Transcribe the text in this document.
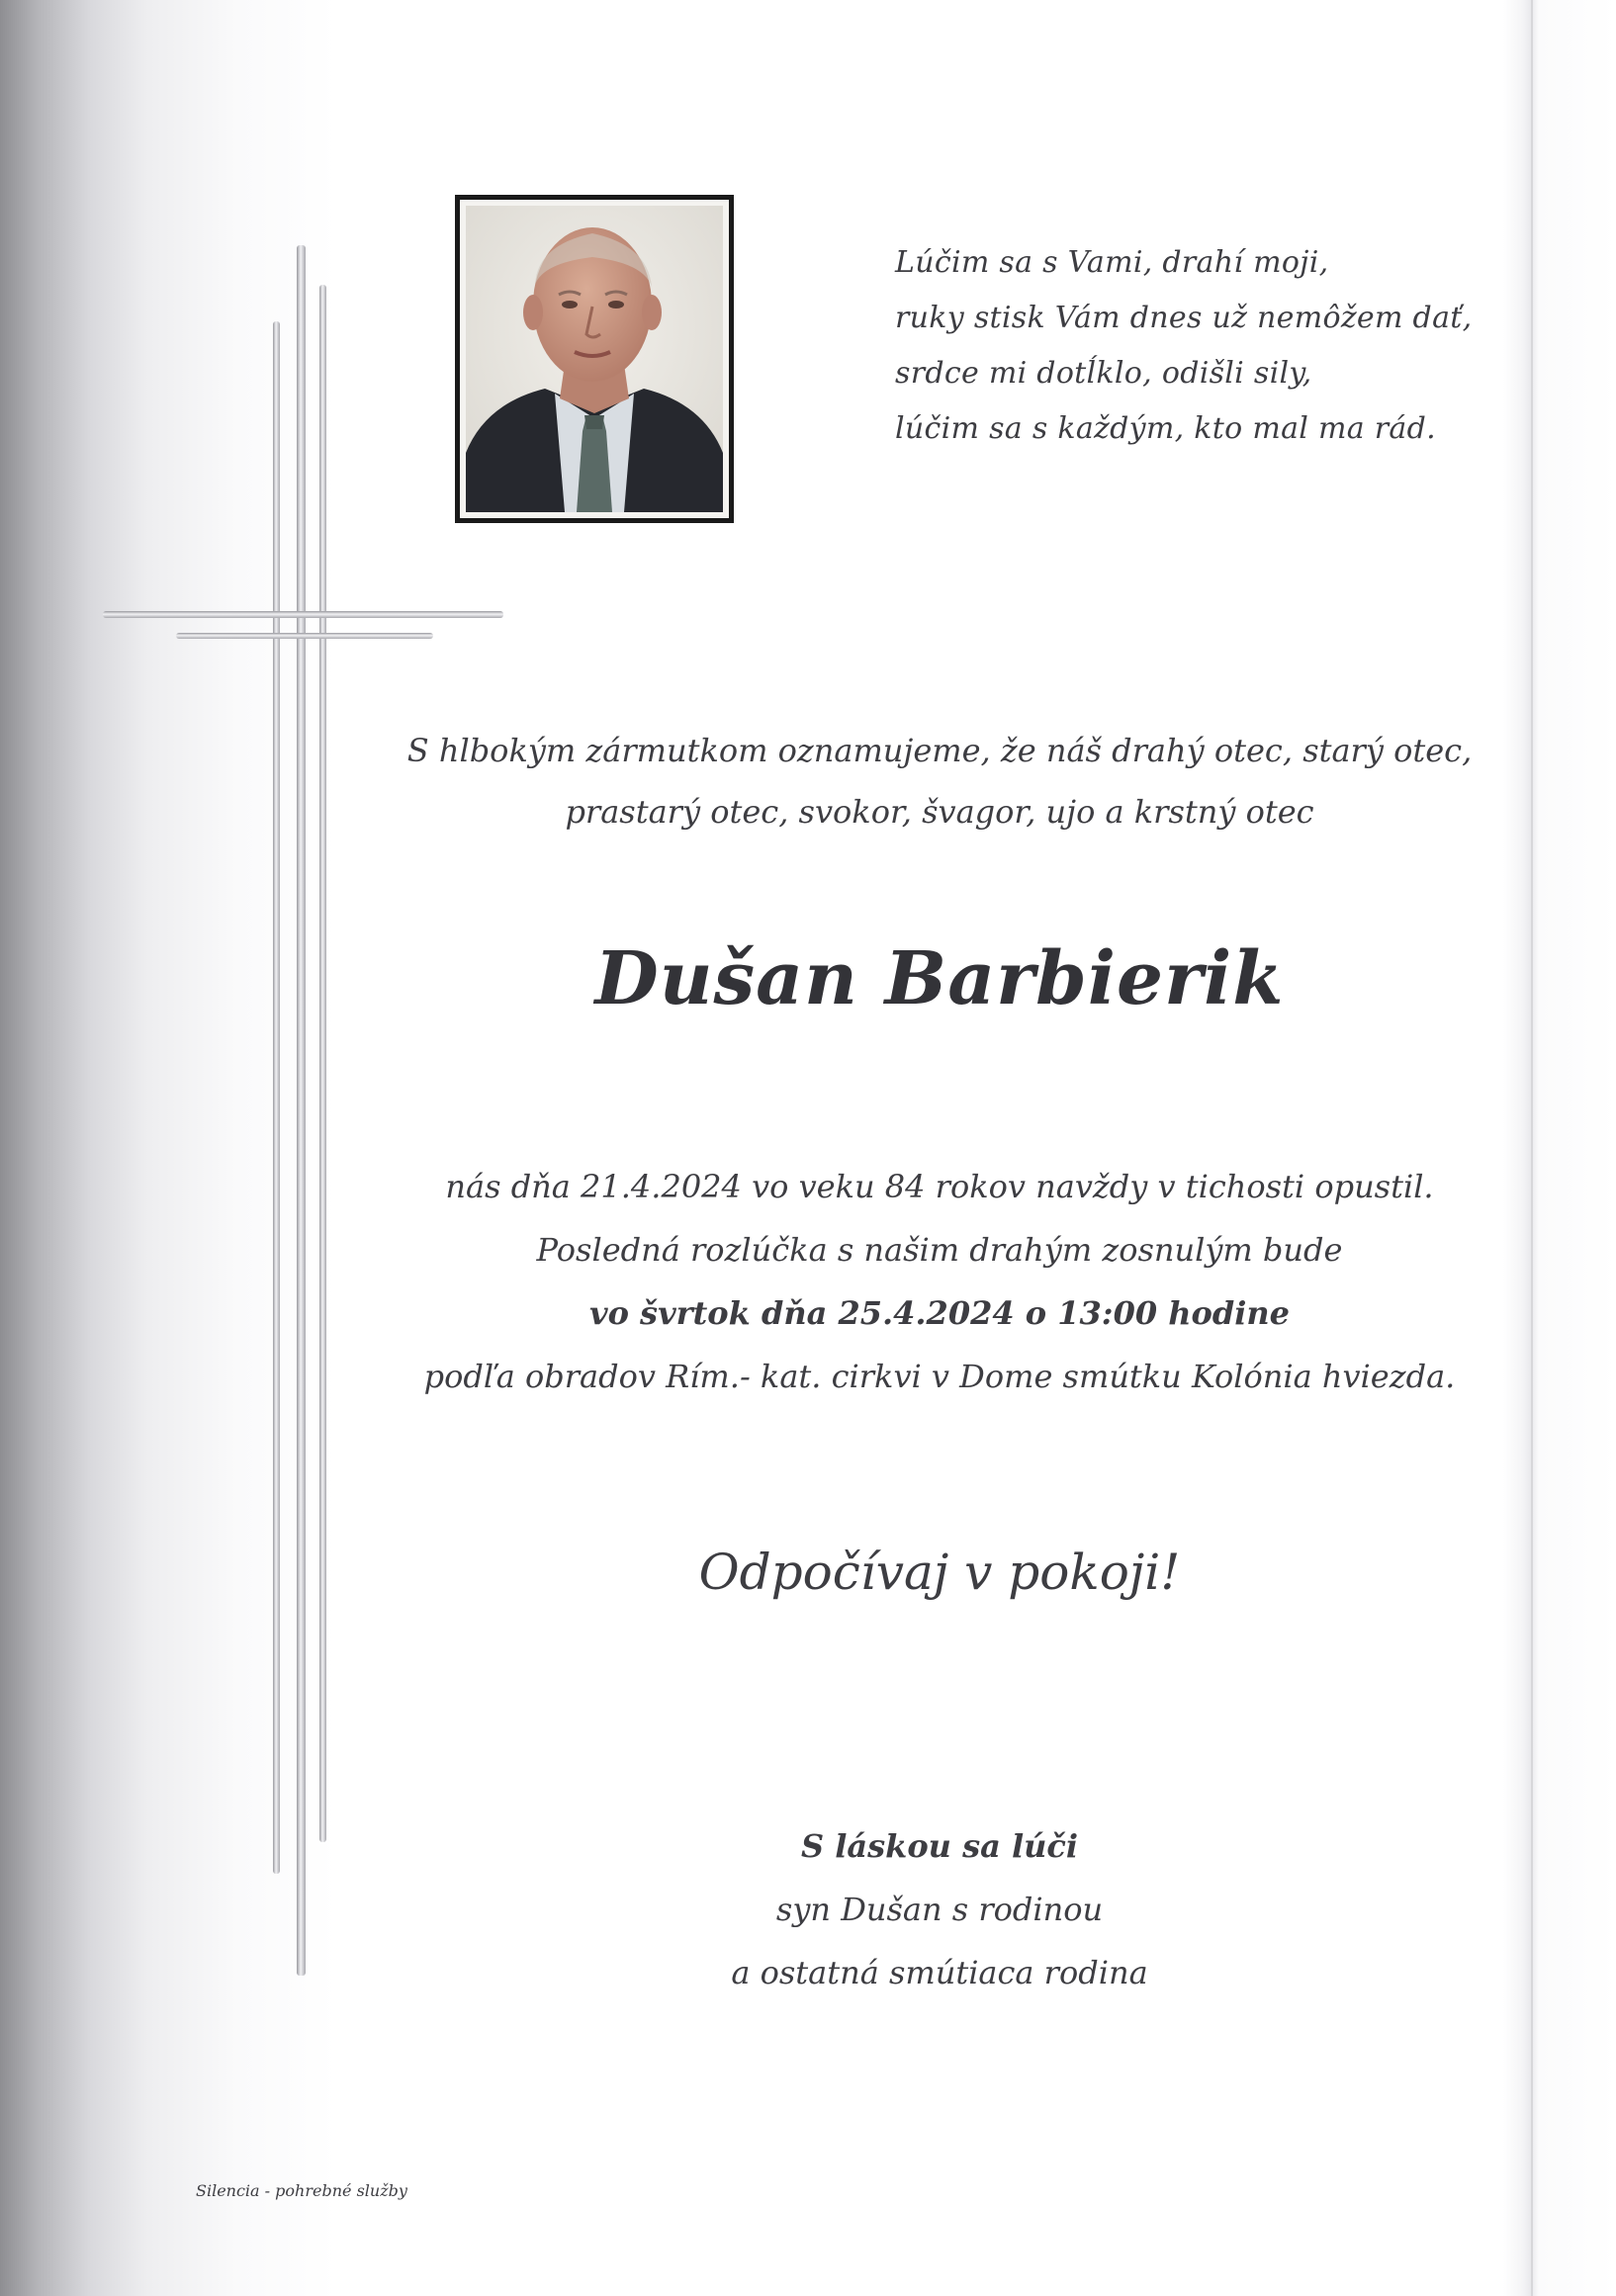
Lúčim sa s Vami, drahí moji,
ruky stisk Vám dnes už nemôžem dať,
srdce mi dotĺklo, odišli sily,
lúčim sa s každým, kto mal ma rád.
S hlbokým zármutkom oznamujeme, že náš drahý otec, starý otec,
prastarý otec, svokor, švagor, ujo a krstný otec
Dušan Barbierik
nás dňa 21.4.2024 vo veku 84 rokov navždy v tichosti opustil.
Posledná rozlúčka s našim drahým zosnulým bude
vo švrtok dňa 25.4.2024 o 13:00 hodine
podľa obradov Rím.- kat. cirkvi v Dome smútku Kolónia hviezda.
Odpočívaj v pokoji!
S láskou sa lúči
syn Dušan s rodinou
a ostatná smútiaca rodina
Silencia - pohrebné služby
